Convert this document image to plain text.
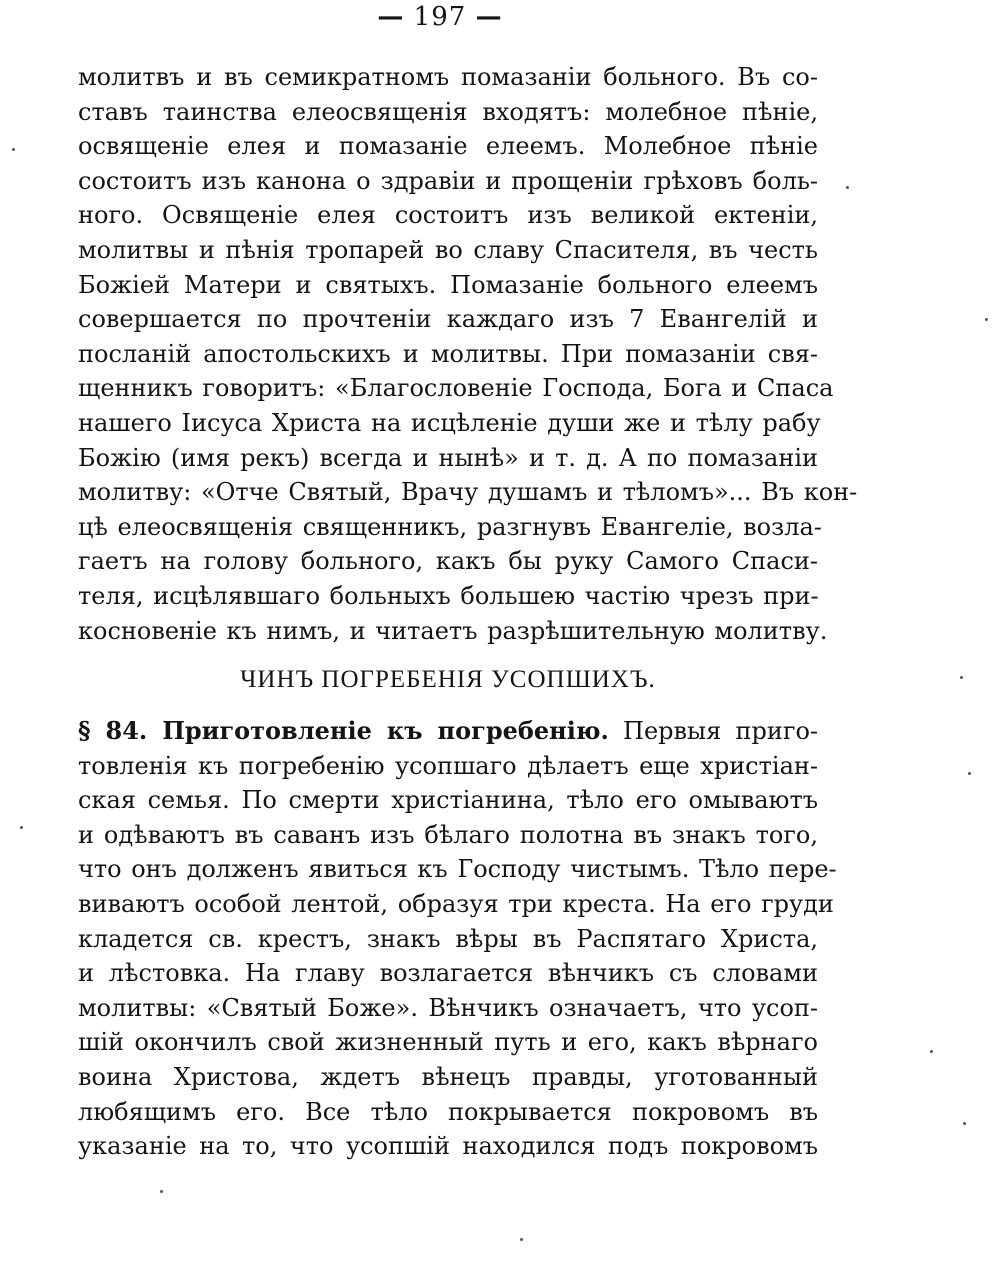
— 197 —
молитвъ и въ семикратномъ помазаніи больного. Въ со-
ставъ таинства елеосвященія входятъ: молебное пѣніе,
освященіе елея и помазаніе елеемъ. Молебное пѣніе
состоитъ изъ канона о здравіи и прощеніи грѣховъ боль-
ного. Освященіе елея состоитъ изъ великой ектеніи,
молитвы и пѣнія тропарей во славу Спасителя, въ честь
Божіей Матери и святыхъ. Помазаніе больного елеемъ
совершается по прочтеніи каждаго изъ 7 Евангелій и
посланій апостольскихъ и молитвы. При помазаніи свя-
щенникъ говоритъ: «Благословеніе Господа, Бога и Спаса
нашего Іисуса Христа на исцѣленіе души же и тѣлу рабу
Божію (имя рекъ) всегда и нынѣ» и т. д. А по помазаніи
молитву: «Отче Святый, Врачу душамъ и тѣломъ»... Въ кон-
цѣ елеосвященія священникъ, разгнувъ Евангеліе, возла-
гаетъ на голову больного, какъ бы руку Самого Спаси-
теля, исцѣлявшаго больныхъ большею частію чрезъ при-
косновеніе къ нимъ, и читаетъ разрѣшительную молитву.
ЧИНЪ ПОГРЕБЕНІЯ УСОПШИХЪ.
§ 84. Приготовленіе къ погребенію. Первыя приго-
товленія къ погребенію усопшаго дѣлаетъ еще христіан-
ская семья. По смерти христіанина, тѣло его омываютъ
и одѣваютъ въ саванъ изъ бѣлаго полотна въ знакъ того,
что онъ долженъ явиться къ Господу чистымъ. Тѣло пере-
виваютъ особой лентой, образуя три креста. На его груди
кладется св. крестъ, знакъ вѣры въ Распятаго Христа,
и лѣстовка. На главу возлагается вѣнчикъ съ словами
молитвы: «Святый Боже». Вѣнчикъ означаетъ, что усоп-
шій окончилъ свой жизненный путь и его, какъ вѣрнаго
воина Христова, ждетъ вѣнецъ правды, уготованный
любящимъ его. Все тѣло покрывается покровомъ въ
указаніе на то, что усопшій находился подъ покровомъ
